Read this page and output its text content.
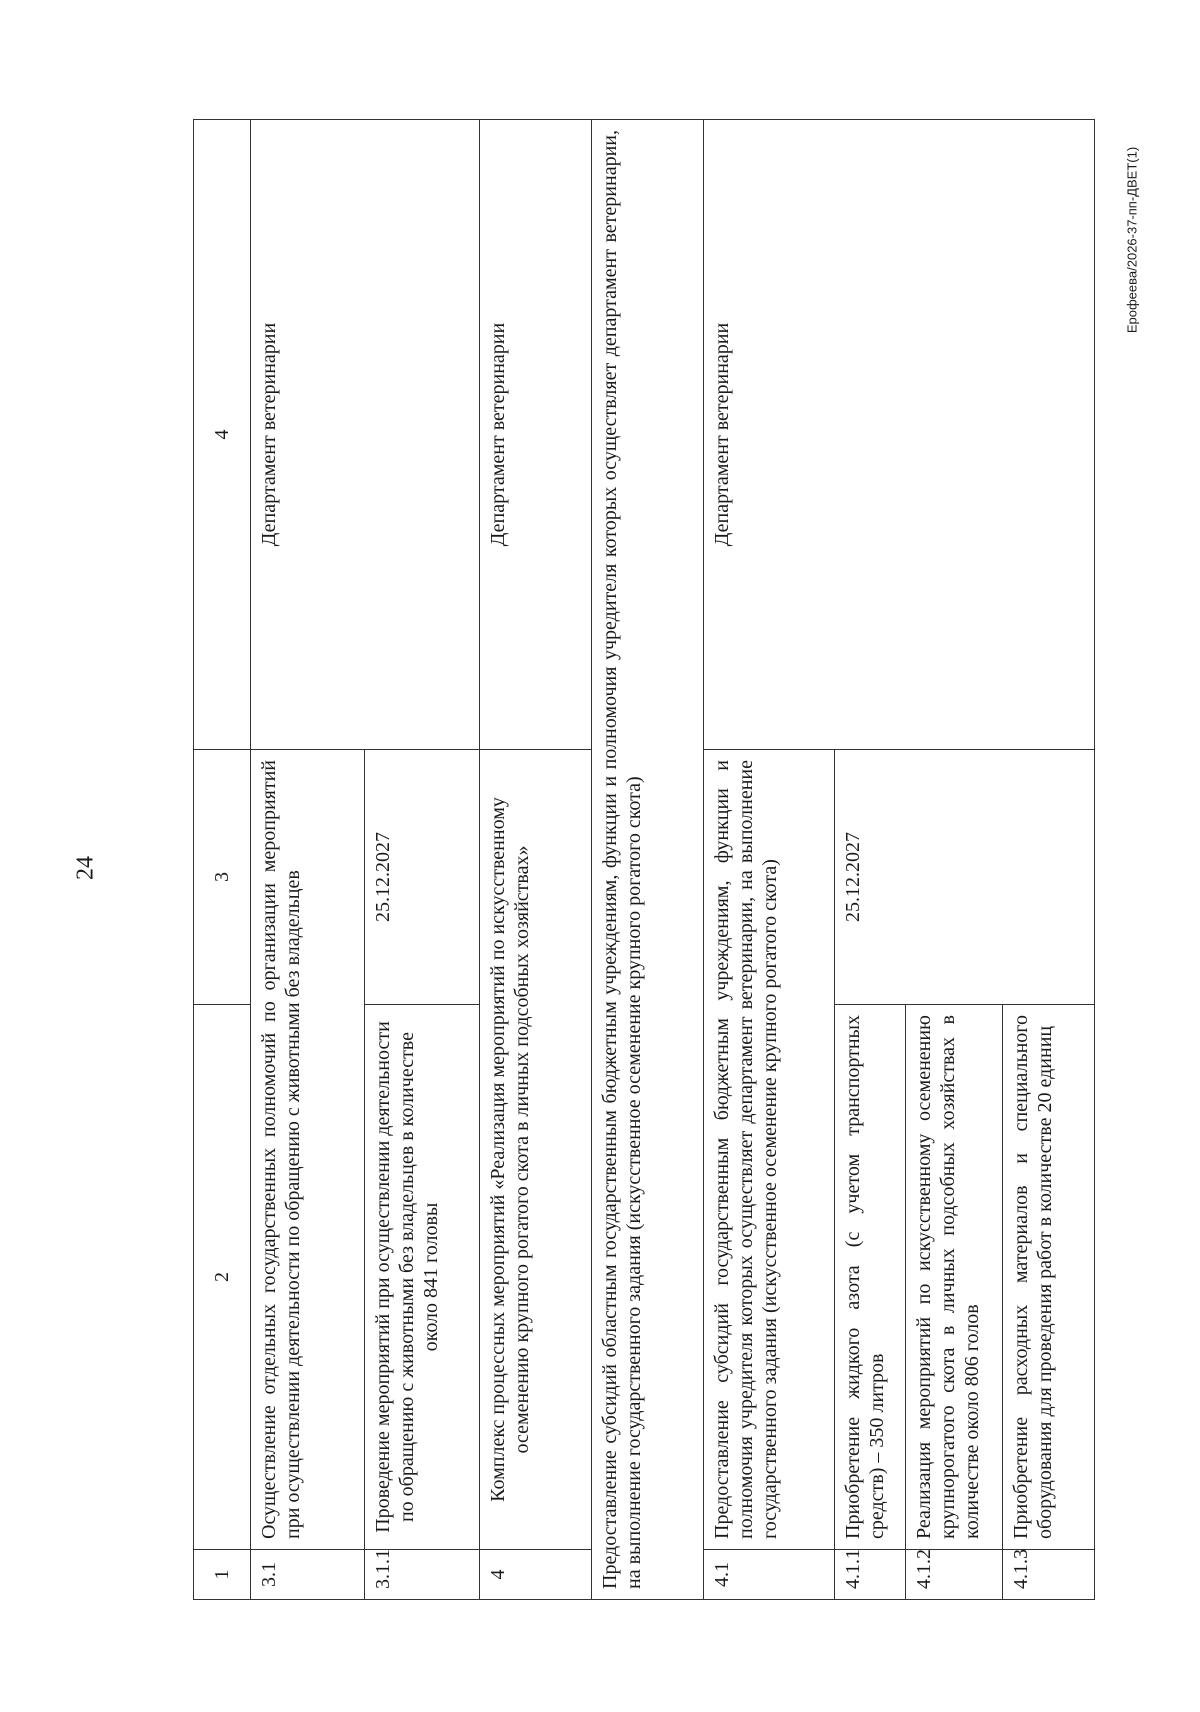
24
Ерофеева/2026-37-пп-ДВЕТ(1)
1	2	3	4
3.1	Осуществление отдельных государственных полномочий по организации мероприятий при осуществлении деятельности по обращению с животными без владельцев		Департамент ветеринарии
3.1.1	Проведение мероприятий при осуществлении деятельности по обращению с животными без владельцев в количестве около 841 головы	25.12.2027	
4	Комплекс процессных мероприятий «Реализация мероприятий по искусственному осеменению крупного рогатого скота в личных подсобных хозяйствах»		Департамент ветеринарии
Предоставление субсидий областным государственным бюджетным учреждениям, функции и полномочия учредителя которых осуществляет департамент ветеринарии, на выполнение государственного задания (искусственное осеменение крупного рогатого скота)			
4.1	Предоставление субсидий государственным бюджетным учреждениям, функции и полномочия учредителя которых осуществляет департамент ветеринарии, на выполнение государственного задания (искусственное осеменение крупного рогатого скота)		Департамент ветеринарии
4.1.1	Приобретение жидкого азота (с учетом транспортных средств) – 350 литров	25.12.2027	
4.1.2	Реализация мероприятий по искусственному осеменению крупнорогатого скота в личных подсобных хозяйствах в количестве около 806 голов		
4.1.3	Приобретение расходных материалов и специального оборудования для проведения работ в количестве 20 единиц		
